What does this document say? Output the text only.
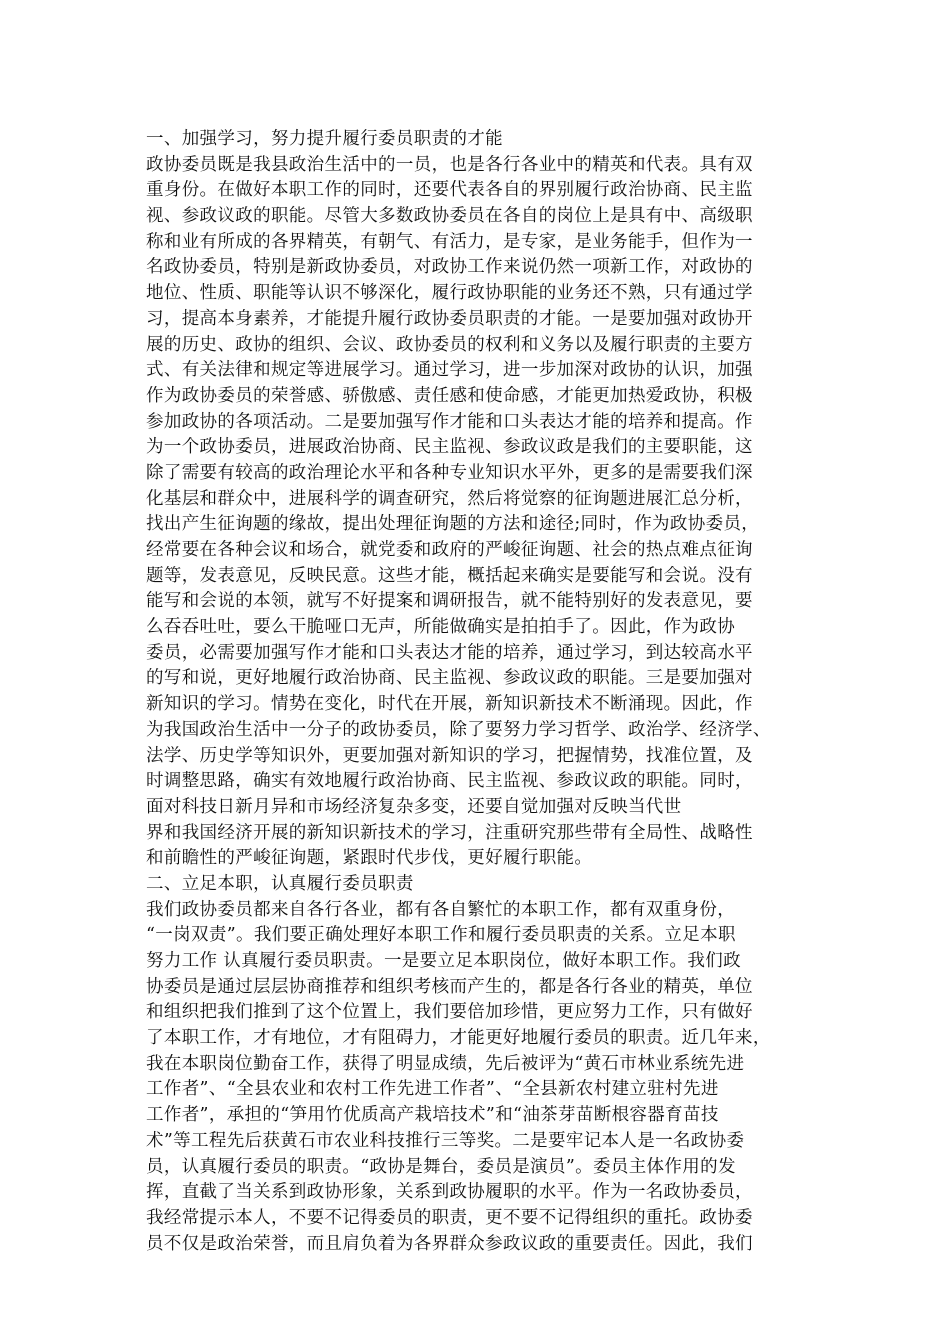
一、加强学习，努力提升履行委员职责的才能
政协委员既是我县政治生活中的一员，也是各行各业中的精英和代表。具有双
重身份。在做好本职工作的同时，还要代表各自的界别履行政治协商、民主监
视、参政议政的职能。尽管大多数政协委员在各自的岗位上是具有中、高级职
称和业有所成的各界精英，有朝气、有活力，是专家，是业务能手，但作为一
名政协委员，特别是新政协委员，对政协工作来说仍然一项新工作，对政协的
地位、性质、职能等认识不够深化，履行政协职能的业务还不熟，只有通过学
习，提高本身素养，才能提升履行政协委员职责的才能。一是要加强对政协开
展的历史、政协的组织、会议、政协委员的权利和义务以及履行职责的主要方
式、有关法律和规定等进展学习。通过学习，进一步加深对政协的认识，加强
作为政协委员的荣誉感、骄傲感、责任感和使命感，才能更加热爱政协，积极
参加政协的各项活动。二是要加强写作才能和口头表达才能的培养和提高。作
为一个政协委员，进展政治协商、民主监视、参政议政是我们的主要职能，这
除了需要有较高的政治理论水平和各种专业知识水平外，更多的是需要我们深
化基层和群众中，进展科学的调查研究，然后将觉察的征询题进展汇总分析，
找出产生征询题的缘故，提出处理征询题的方法和途径;同时，作为政协委员，
经常要在各种会议和场合，就党委和政府的严峻征询题、社会的热点难点征询
题等，发表意见，反映民意。这些才能，概括起来确实是要能写和会说。没有
能写和会说的本领，就写不好提案和调研报告，就不能特别好的发表意见，要
么吞吞吐吐，要么干脆哑口无声，所能做确实是拍拍手了。因此，作为政协
委员，必需要加强写作才能和口头表达才能的培养，通过学习，到达较高水平
的写和说，更好地履行政治协商、民主监视、参政议政的职能。三是要加强对
新知识的学习。情势在变化，时代在开展，新知识新技术不断涌现。因此，作
为我国政治生活中一分子的政协委员，除了要努力学习哲学、政治学、经济学、
法学、历史学等知识外，更要加强对新知识的学习，把握情势，找准位置，及
时调整思路，确实有效地履行政治协商、民主监视、参政议政的职能。同时，
面对科技日新月异和市场经济复杂多变，还要自觉加强对反映当代世
界和我国经济开展的新知识新技术的学习，注重研究那些带有全局性、战略性
和前瞻性的严峻征询题，紧跟时代步伐，更好履行职能。
二、立足本职，认真履行委员职责
我们政协委员都来自各行各业，都有各自繁忙的本职工作，都有双重身份，
“一岗双责”。我们要正确处理好本职工作和履行委员职责的关系。立足本职
努力工作 认真履行委员职责。一是要立足本职岗位，做好本职工作。我们政
协委员是通过层层协商推荐和组织考核而产生的，都是各行各业的精英，单位
和组织把我们推到了这个位置上，我们要倍加珍惜，更应努力工作，只有做好
了本职工作，才有地位，才有阻碍力，才能更好地履行委员的职责。近几年来，
我在本职岗位勤奋工作，获得了明显成绩，先后被评为“黄石市林业系统先进
工作者”、“全县农业和农村工作先进工作者”、“全县新农村建立驻村先进
工作者”，承担的“笋用竹优质高产栽培技术”和“油茶芽苗断根容器育苗技
术”等工程先后获黄石市农业科技推行三等奖。二是要牢记本人是一名政协委
员，认真履行委员的职责。“政协是舞台，委员是演员”。委员主体作用的发
挥，直截了当关系到政协形象，关系到政协履职的水平。作为一名政协委员，
我经常提示本人，不要不记得委员的职责，更不要不记得组织的重托。政协委
员不仅是政治荣誉，而且肩负着为各界群众参政议政的重要责任。因此，我们
